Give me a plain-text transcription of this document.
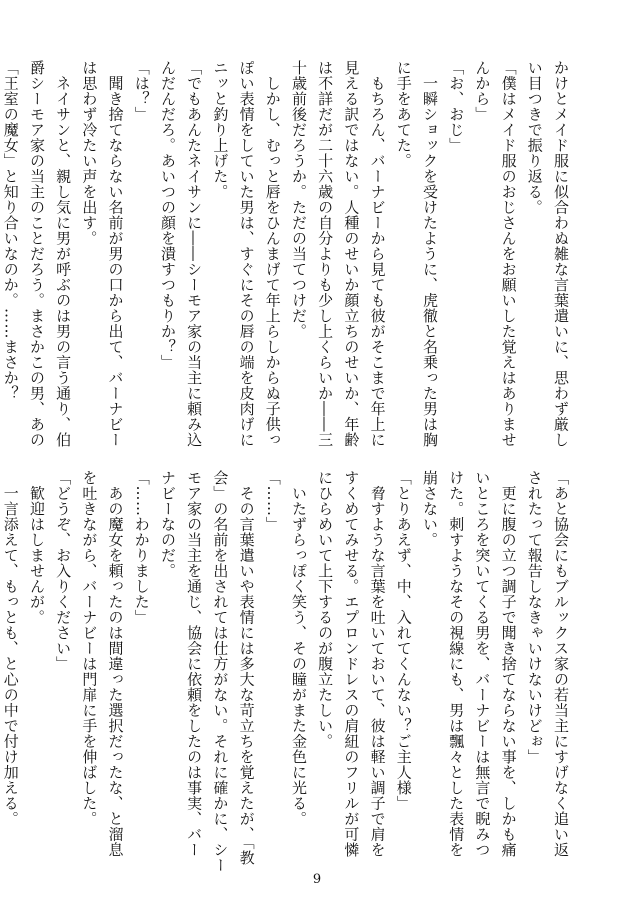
かけとメイド服に似合わぬ雑な言葉遣いに、思わず厳し
い目つきで振り返る。
「僕はメイド服のおじさんをお願いした覚えはありませ
んから」
「お、おじ」
　一瞬ショックを受けたように、虎徹と名乗った男は胸
に手をあてた。
　もちろん、バーナビーから見ても彼がそこまで年上に
見える訳ではない。人種のせいか顔立ちのせいか、年齢
は不詳だが二十六歳の自分よりも少し上くらいか――三
十歳前後だろうか。ただの当てつけだ。
　しかし、むっと唇をひんまげて年上らしからぬ子供っ
ぽい表情をしていた男は、すぐにその唇の端を皮肉げに
ニッと釣り上げた。
「でもあんたネイサンに――シーモア家の当主に頼み込
んだんだろ。あいつの顔を潰すつもりか？」
「は？」
　聞き捨てならない名前が男の口から出て、バーナビー
は思わず冷たい声を出す。
　ネイサンと、親し気に男が呼ぶのは男の言う通り、伯
爵シーモア家の当主のことだろう。まさかこの男、あの
「王室の魔女」と知り合いなのか。……まさか？
「あと協会にもブルックス家の若当主にすげなく追い返
されたって報告しなきゃいけないけどぉ」
　更に腹の立つ調子で聞き捨てならない事を、しかも痛
いところを突いてくる男を、バーナビーは無言で睨みつ
けた。刺すようなその視線にも、男は飄々とした表情を
崩さない。
「とりあえず、中、入れてくんない？ご主人様」
　脅すような言葉を吐いておいて、彼は軽い調子で肩を
すくめてみせる。エプロンドレスの肩紐のフリルが可憐
にひらめいて上下するのが腹立たしい。
　いたずらっぽく笑う、その瞳がまた金色に光る。
「……」
　その言葉遣いや表情には多大な苛立ちを覚えたが、「教
会」の名前を出されては仕方がない。それに確かに、シー
モア家の当主を通じ、協会に依頼をしたのは事実、バー
ナビーなのだ。
「……わかりました」
　あの魔女を頼ったのは間違った選択だったな、と溜息
を吐きながら、バーナビーは門扉に手を伸ばした。
「どうぞ、お入りください」
　歓迎はしませんが。
　一言添えて、もっとも、と心の中で付け加える。
9
